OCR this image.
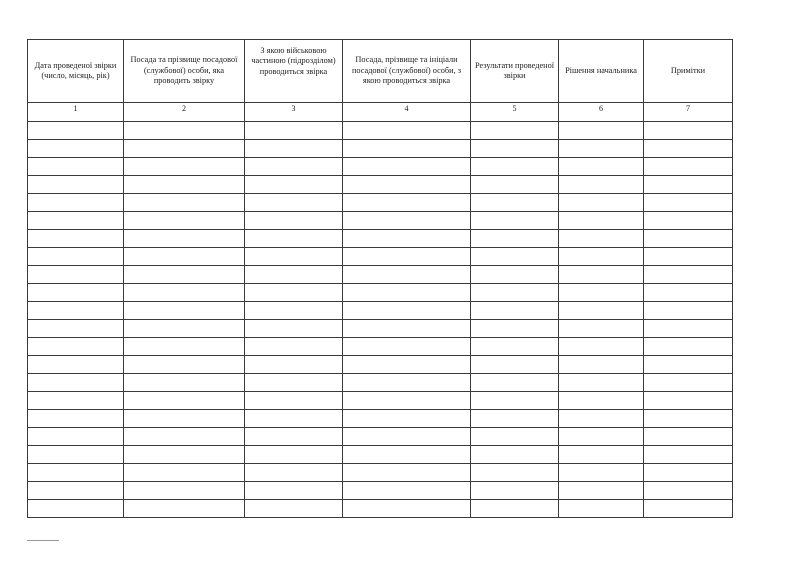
Дата проведеної звірки (число, місяць, рік)	Посада та прізвище посадової (службової) особи, яка проводить звірку	З якою військовою частиною (підрозділом) проводиться звірка	Посада, прізвище та ініціали посадової (службової) особи, з якою проводиться звірка	Результати проведеної звірки	Рішення начальника	Примітки
1	2	3	4	5	6	7
